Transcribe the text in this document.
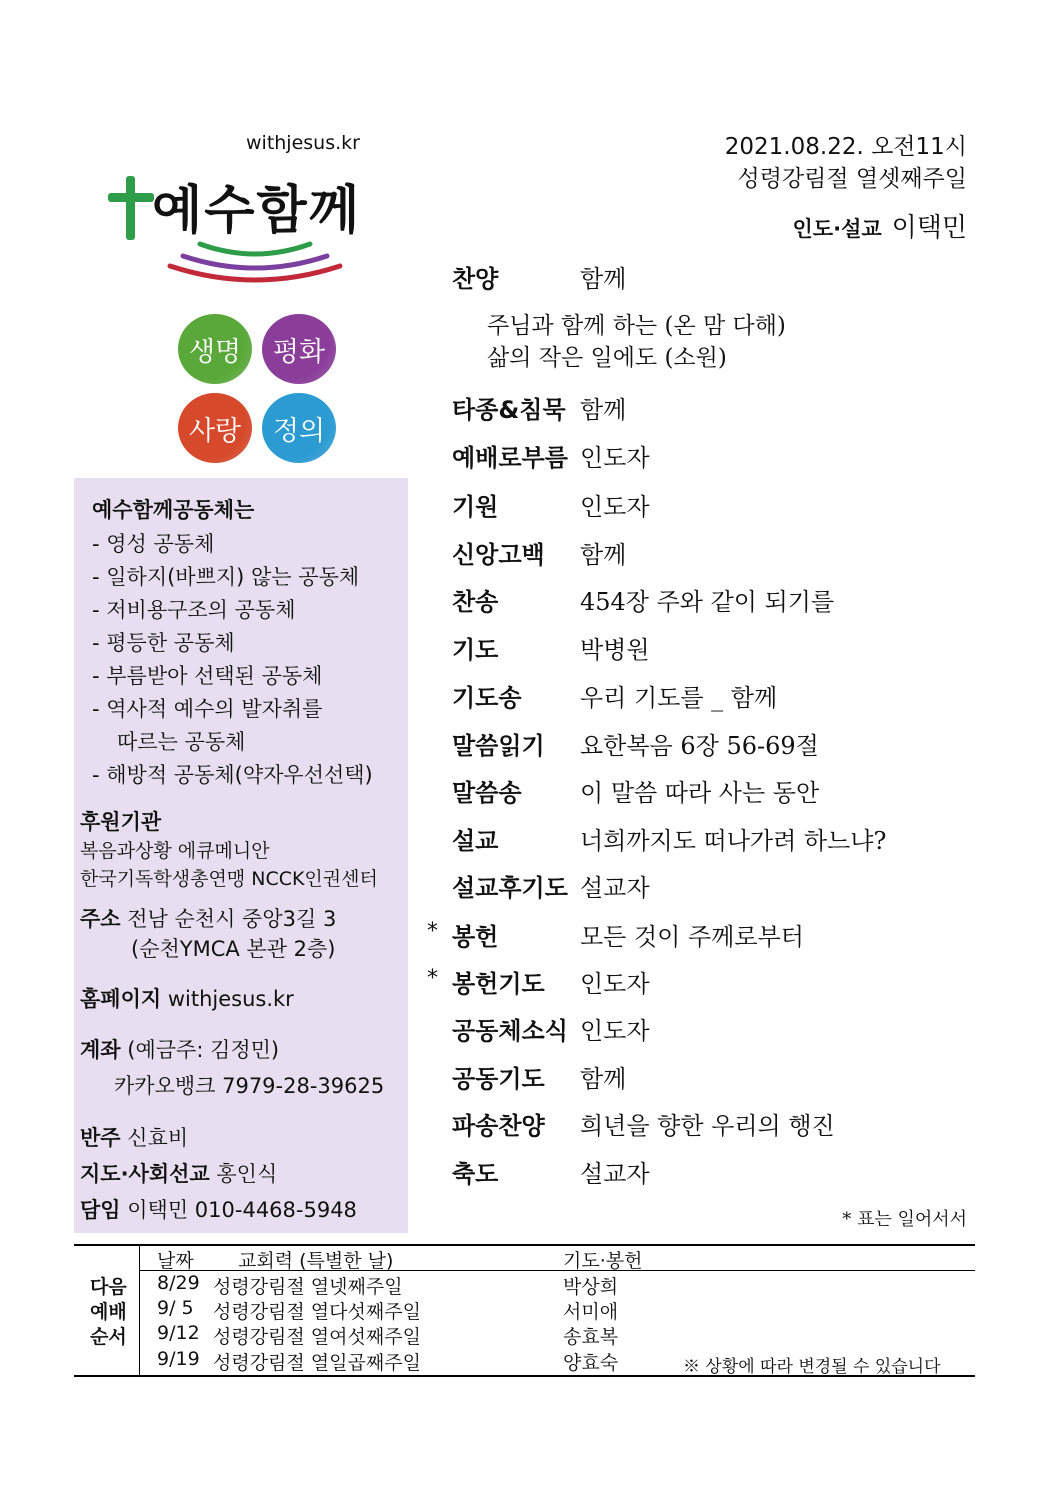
2021.08.22. 오전11시
성령강림절 열셋째주일
인도·설교 이택민
withjesus.kr
예수함께
생명 평화
사랑 정의
예수함께공동체는
- 영성 공동체
- 일하지(바쁘지) 않는 공동체
- 저비용구조의 공동체
- 평등한 공동체
- 부름받아 선택된 공동체
- 역사적 예수의 발자취를
따르는 공동체
- 해방적 공동체(약자우선선택)
후원기관
복음과상황 에큐메니안
한국기독학생총연맹 NCCK인권센터
주소 전남 순천시 중앙3길 3
(순천YMCA 본관 2층)
홈페이지 withjesus.kr
계좌 (예금주: 김정민)
카카오뱅크 7979-28-39625
반주 신효비
지도·사회선교 홍인식
담임 이택민 010-4468-5948
찬양	함께
주님과 함께 하는 (온 맘 다해)
삶의 작은 일에도 (소원)
타종&침묵 함께
예배로부름 인도자
기원	인도자
신앙고백 함께
찬송	454장 주와 같이 되기를
기도	박병원
기도송 우리 기도를 _ 함께
말씀읽기 요한복음 6장 56-69절
말씀송 이 말씀 따라 사는 동안
설교	너희까지도 떠나가려 하느냐?
설교후기도 설교자
봉헌	모든 것이 주께로부터
*
봉헌기도 인도자
*
공동체소식 인도자
공동기도 함께
파송찬양 희년을 향한 우리의 행진
축도	설교자
* 표는 일어서서
다음
예배
순서
날짜 교회력 (특별한 날)	기도·봉헌
8/29 성령강림절 열넷째주일	박상희
9/ 5 성령강림절 열다섯째주일	서미애
9/12 성령강림절 열여섯째주일	송효복
9/19 성령강림절 열일곱째주일	양효숙	※ 상황에 따라 변경될 수 있습니다
